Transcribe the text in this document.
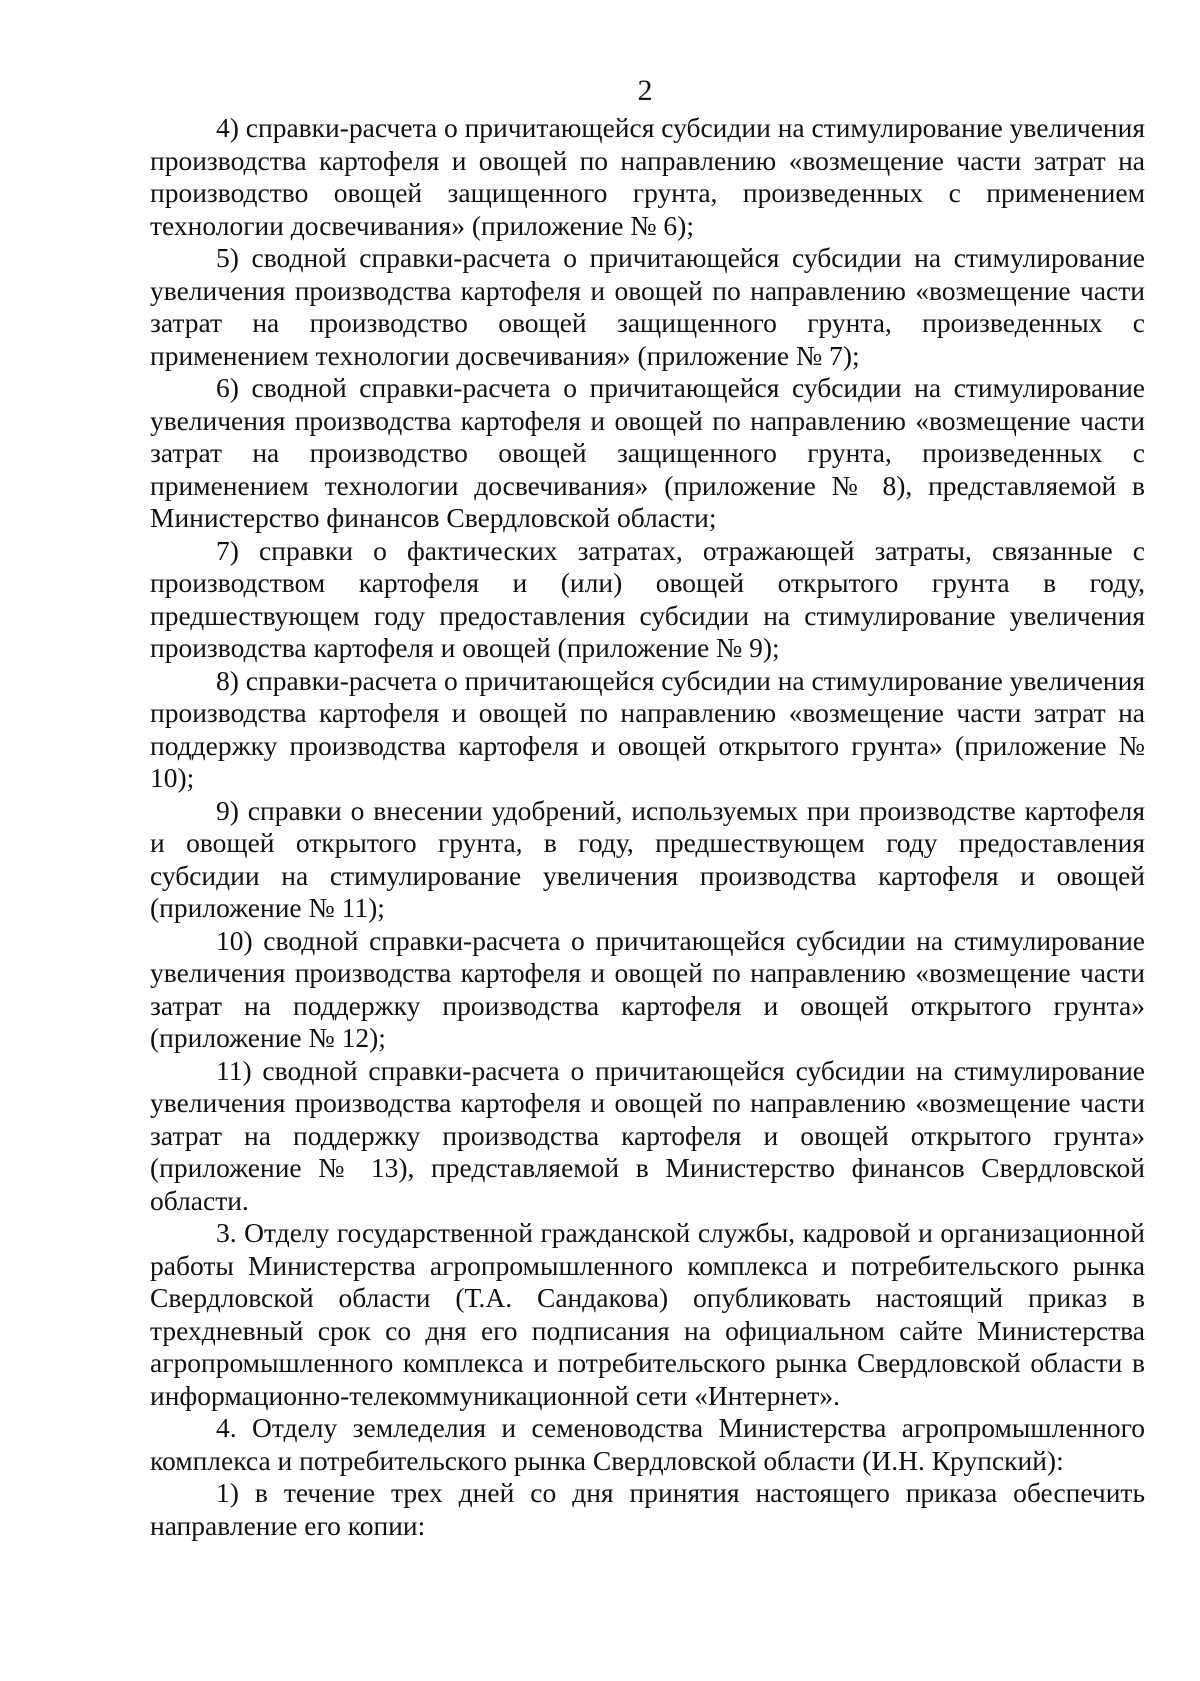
2

4) справки-расчета о причитающейся субсидии на стимулирование увеличения производства картофеля и овощей по направлению «возмещение части затрат на производство овощей защищенного грунта, произведенных с применением технологии досвечивания» (приложение № 6);

5) сводной справки-расчета о причитающейся субсидии на стимулирование увеличения производства картофеля и овощей по направлению «возмещение части затрат на производство овощей защищенного грунта, произведенных с применением технологии досвечивания» (приложение № 7);

6) сводной справки-расчета о причитающейся субсидии на стимулирование увеличения производства картофеля и овощей по направлению «возмещение части затрат на производство овощей защищенного грунта, произведенных с применением технологии досвечивания» (приложение № 8), представляемой в Министерство финансов Свердловской области;

7) справки о фактических затратах, отражающей затраты, связанные с производством картофеля и (или) овощей открытого грунта в году, предшествующем году предоставления субсидии на стимулирование увеличения производства картофеля и овощей (приложение № 9);

8) справки-расчета о причитающейся субсидии на стимулирование увеличения производства картофеля и овощей по направлению «возмещение части затрат на поддержку производства картофеля и овощей открытого грунта» (приложение № 10);

9) справки о внесении удобрений, используемых при производстве картофеля и овощей открытого грунта, в году, предшествующем году предоставления субсидии на стимулирование увеличения производства картофеля и овощей (приложение № 11);

10) сводной справки-расчета о причитающейся субсидии на стимулирование увеличения производства картофеля и овощей по направлению «возмещение части затрат на поддержку производства картофеля и овощей открытого грунта» (приложение № 12);

11) сводной справки-расчета о причитающейся субсидии на стимулирование увеличения производства картофеля и овощей по направлению «возмещение части затрат на поддержку производства картофеля и овощей открытого грунта» (приложение № 13), представляемой в Министерство финансов Свердловской области.

3. Отделу государственной гражданской службы, кадровой и организационной работы Министерства агропромышленного комплекса и потребительского рынка Свердловской области (Т.А. Сандакова) опубликовать настоящий приказ в трехдневный срок со дня его подписания на официальном сайте Министерства агропромышленного комплекса и потребительского рынка Свердловской области в информационно-телекоммуникационной сети «Интернет».

4. Отделу земледелия и семеноводства Министерства агропромышленного комплекса и потребительского рынка Свердловской области (И.Н. Крупский):

1) в течение трех дней со дня принятия настоящего приказа обеспечить направление его копии:
